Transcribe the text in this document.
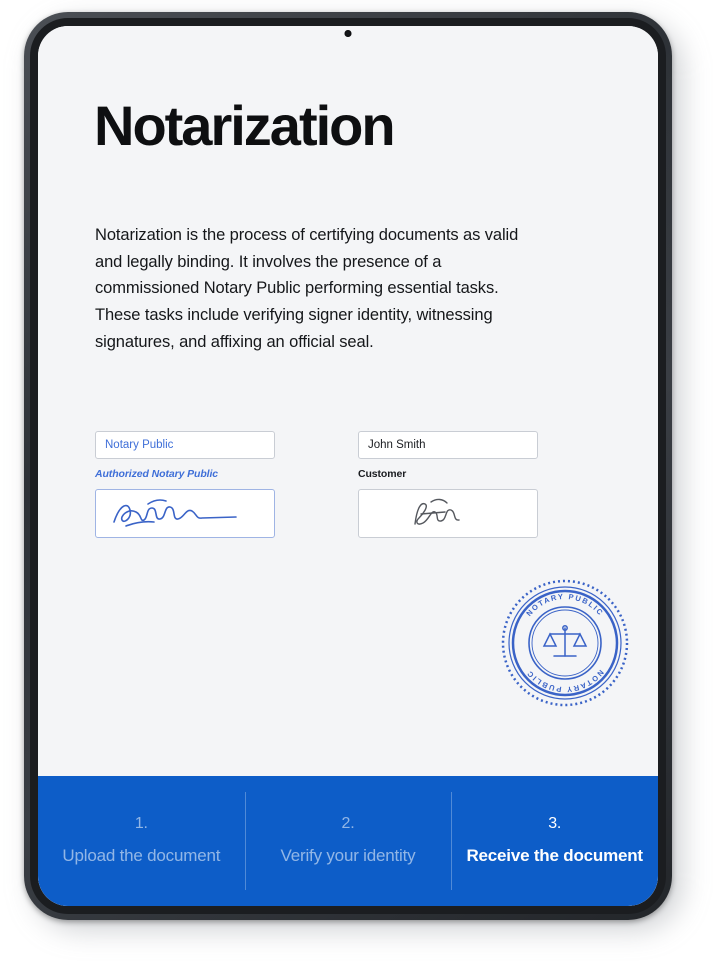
Notarization
Notarization is the process of certifying documents as valid and legally binding. It involves the presence of a commissioned Notary Public performing essential tasks. These tasks include verifying signer identity, witnessing signatures, and affixing an official seal.
Notary Public
Authorized Notary Public
John Smith
Customer
NOTARY PUBLIC
NOTARY PUBLIC
1.
Upload the document
2.
Verify your identity
3.
Receive the document
